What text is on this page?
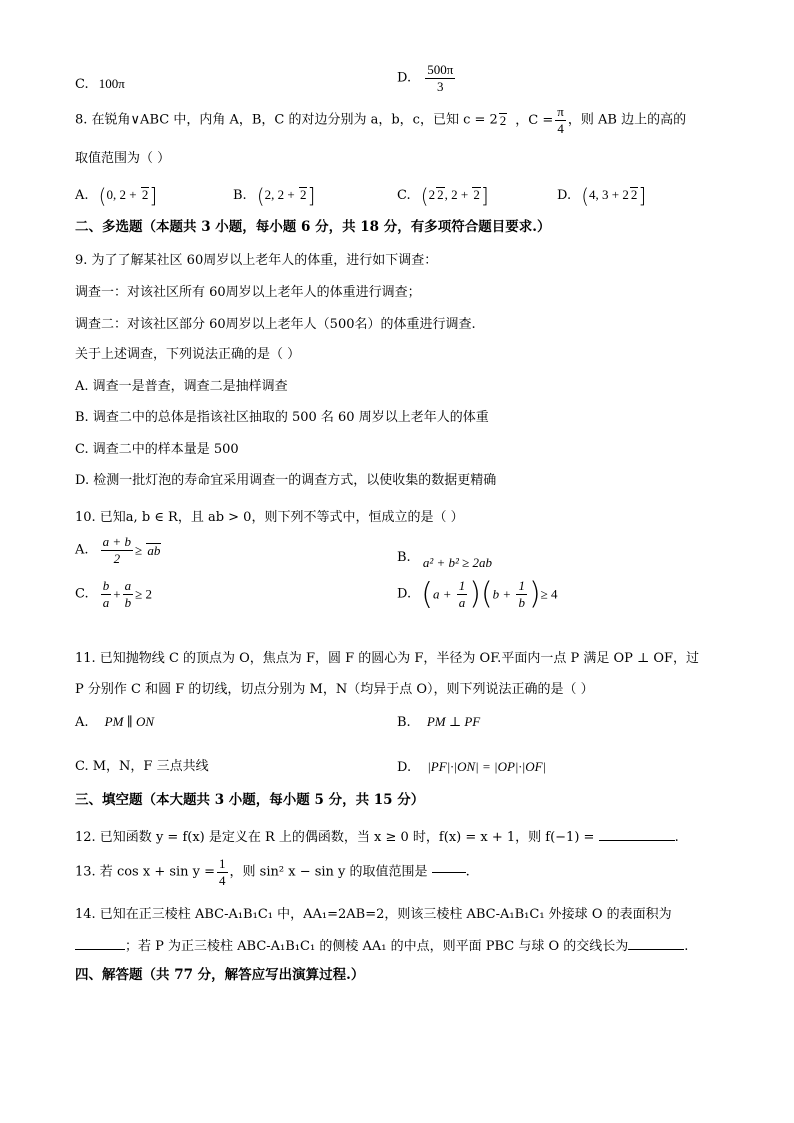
C. 100π	D. $\frac{500\pi}{3}$
8. 在锐角∨ABC 中，内角 A，B，C 的对边分别为 a，b，c，已知 c = 2 2 ，$C = \frac{\pi}{4}$ ，则 AB 边上的高的
取值范围为（ ）
A. (0, 2 + 2]	B. (2, 2 + 2]	C. (2 2, 2 + 2]	D. (4, 3 + 2 2]
二、多选题（本题共 3 小题，每小题 6 分，共 18 分，有多项符合题目要求.）
9. 为了了解某社区 60周岁以上老年人的体重，进行如下调查：
调查一：对该社区所有 60周岁以上老年人的体重进行调查；
调查二：对该社区部分 60周岁以上老年人（500名）的体重进行调查.
关于上述调查，下列说法正确的是（ ）
A. 调查一是普查，调查二是抽样调查
B. 调查二中的总体是指该社区抽取的 500 名 60 周岁以上老年人的体重
C. 调查二中的样本量是 500
D. 检测一批灯泡的寿命宜采用调查一的调查方式，以使收集的数据更精确
10. 已知a, b ∈ R，且 ab > 0，则下列不等式中，恒成立的是（ ）
A. $\frac{a + b}{2}$ ≥ ab	B. a² + b² ≥ 2ab
C. $\frac{b}{a} + \frac{a}{b} \ge 2$	D. $(a + \frac{1}{a} )(b + \frac{1}{b}$ )≥ 4
11. 已知抛物线 C 的顶点为 O，焦点为 F，圆 F 的圆心为 F，半径为 OF.平面内一点 P 满足 OP ⊥ OF，过
P 分别作 C 和圆 F 的切线，切点分别为 M，N（均异于点 O），则下列说法正确的是（ ）
A. PM ∥ ON	B. PM ⊥ PF
C. M，N，F 三点共线	D. |PF|·|ON| = |OP|·|OF|
三、填空题（本大题共 3 小题，每小题 5 分，共 15 分）
12. 已知函数 y = f(x) 是定义在 R 上的偶函数，当 x ≥ 0 时，f(x) = x + 1，则 f(−1) =	.
13. 若 $\cos x + \sin y = \frac{1}{4}$ ，则 sin² x − sin y 的取值范围是	.
14. 已知在正三棱柱 ABC-A₁B₁C₁ 中，AA₁=2AB=2，则该三棱柱 ABC-A₁B₁C₁ 外接球 O 的表面积为
；若 P 为正三棱柱 ABC-A₁B₁C₁ 的侧棱 AA₁ 的中点，则平面 PBC 与球 O 的交线长为	.
四、解答题（共 77 分，解答应写出演算过程.）
